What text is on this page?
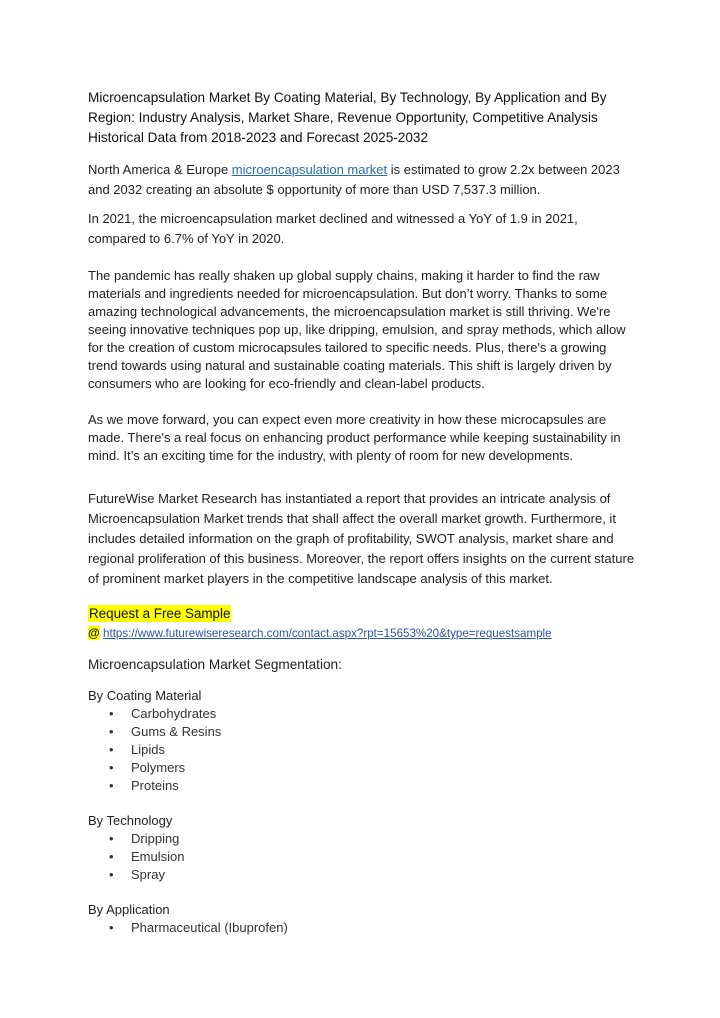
Microencapsulation Market By Coating Material, By Technology, By Application and By Region: Industry Analysis, Market Share, Revenue Opportunity, Competitive Analysis Historical Data from 2018-2023 and Forecast 2025-2032

North America & Europe microencapsulation market is estimated to grow 2.2x between 2023 and 2032 creating an absolute $ opportunity of more than USD 7,537.3 million.

In 2021, the microencapsulation market declined and witnessed a YoY of 1.9 in 2021, compared to 6.7% of YoY in 2020.

The pandemic has really shaken up global supply chains, making it harder to find the raw materials and ingredients needed for microencapsulation. But don’t worry. Thanks to some amazing technological advancements, the microencapsulation market is still thriving. We're seeing innovative techniques pop up, like dripping, emulsion, and spray methods, which allow for the creation of custom microcapsules tailored to specific needs. Plus, there's a growing trend towards using natural and sustainable coating materials. This shift is largely driven by consumers who are looking for eco-friendly and clean-label products.

As we move forward, you can expect even more creativity in how these microcapsules are made. There's a real focus on enhancing product performance while keeping sustainability in mind. It’s an exciting time for the industry, with plenty of room for new developments.

FutureWise Market Research has instantiated a report that provides an intricate analysis of Microencapsulation Market trends that shall affect the overall market growth. Furthermore, it includes detailed information on the graph of profitability, SWOT analysis, market share and regional proliferation of this business. Moreover, the report offers insights on the current stature of prominent market players in the competitive landscape analysis of this market.

Request a Free Sample
@ https://www.futurewiseresearch.com/contact.aspx?rpt=15653%20&type=requestsample

Microencapsulation Market Segmentation:

By Coating Material

• Carbohydrates
• Gums & Resins
• Lipids
• Polymers
• Proteins

By Technology

• Dripping
• Emulsion
• Spray

By Application

• Pharmaceutical (Ibuprofen)
